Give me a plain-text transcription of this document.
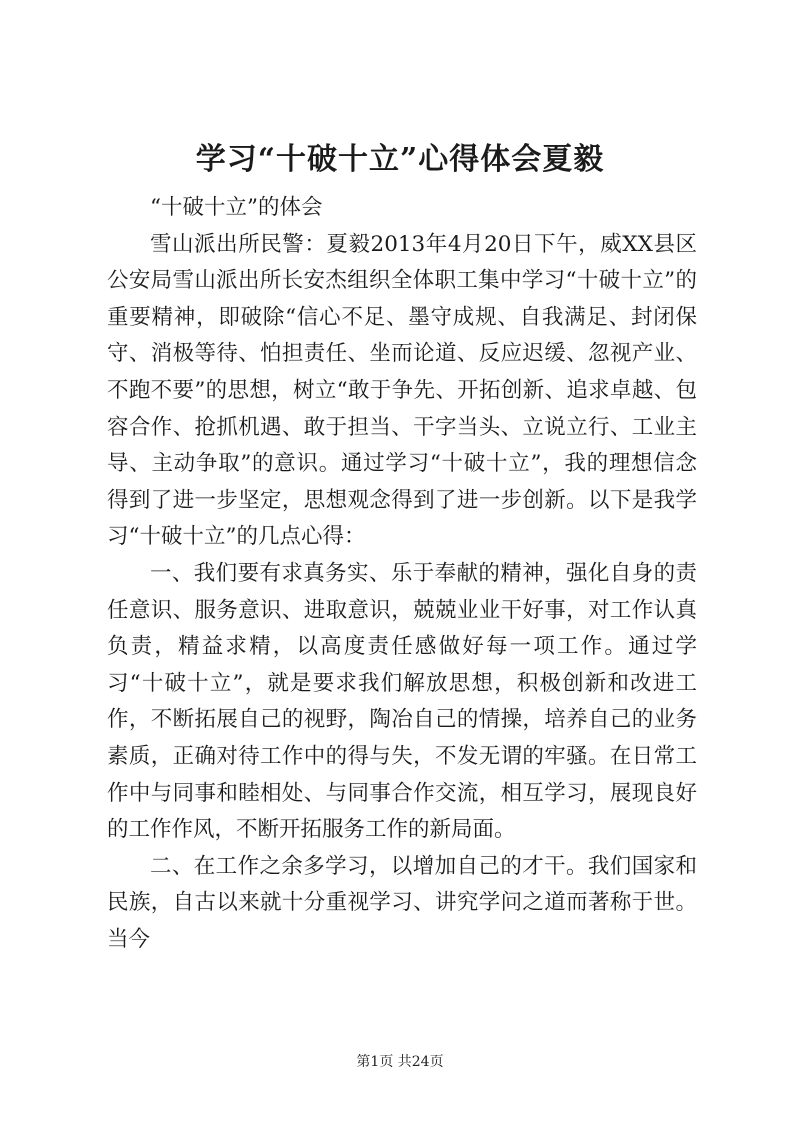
学习“十破十立”心得体会夏毅

“十破十立”的体会

雪山派出所民警：夏毅2013年4月20日下午，威XX县区公安局雪山派出所长安杰组织全体职工集中学习“十破十立”的重要精神，即破除“信心不足、墨守成规、自我满足、封闭保守、消极等待、怕担责任、坐而论道、反应迟缓、忽视产业、不跑不要”的思想，树立“敢于争先、开拓创新、追求卓越、包容合作、抢抓机遇、敢于担当、干字当头、立说立行、工业主导、主动争取”的意识。通过学习“十破十立”，我的理想信念得到了进一步坚定，思想观念得到了进一步创新。以下是我学习“十破十立”的几点心得：

一、我们要有求真务实、乐于奉献的精神，强化自身的责任意识、服务意识、进取意识，兢兢业业干好事，对工作认真负责，精益求精，以高度责任感做好每一项工作。通过学习“十破十立”，就是要求我们解放思想，积极创新和改进工作，不断拓展自己的视野，陶冶自己的情操，培养自己的业务素质，正确对待工作中的得与失，不发无谓的牢骚。在日常工作中与同事和睦相处、与同事合作交流，相互学习，展现良好的工作作风，不断开拓服务工作的新局面。

二、在工作之余多学习，以增加自己的才干。我们国家和民族，自古以来就十分重视学习、讲究学问之道而著称于世。当今

第1页 共24页
